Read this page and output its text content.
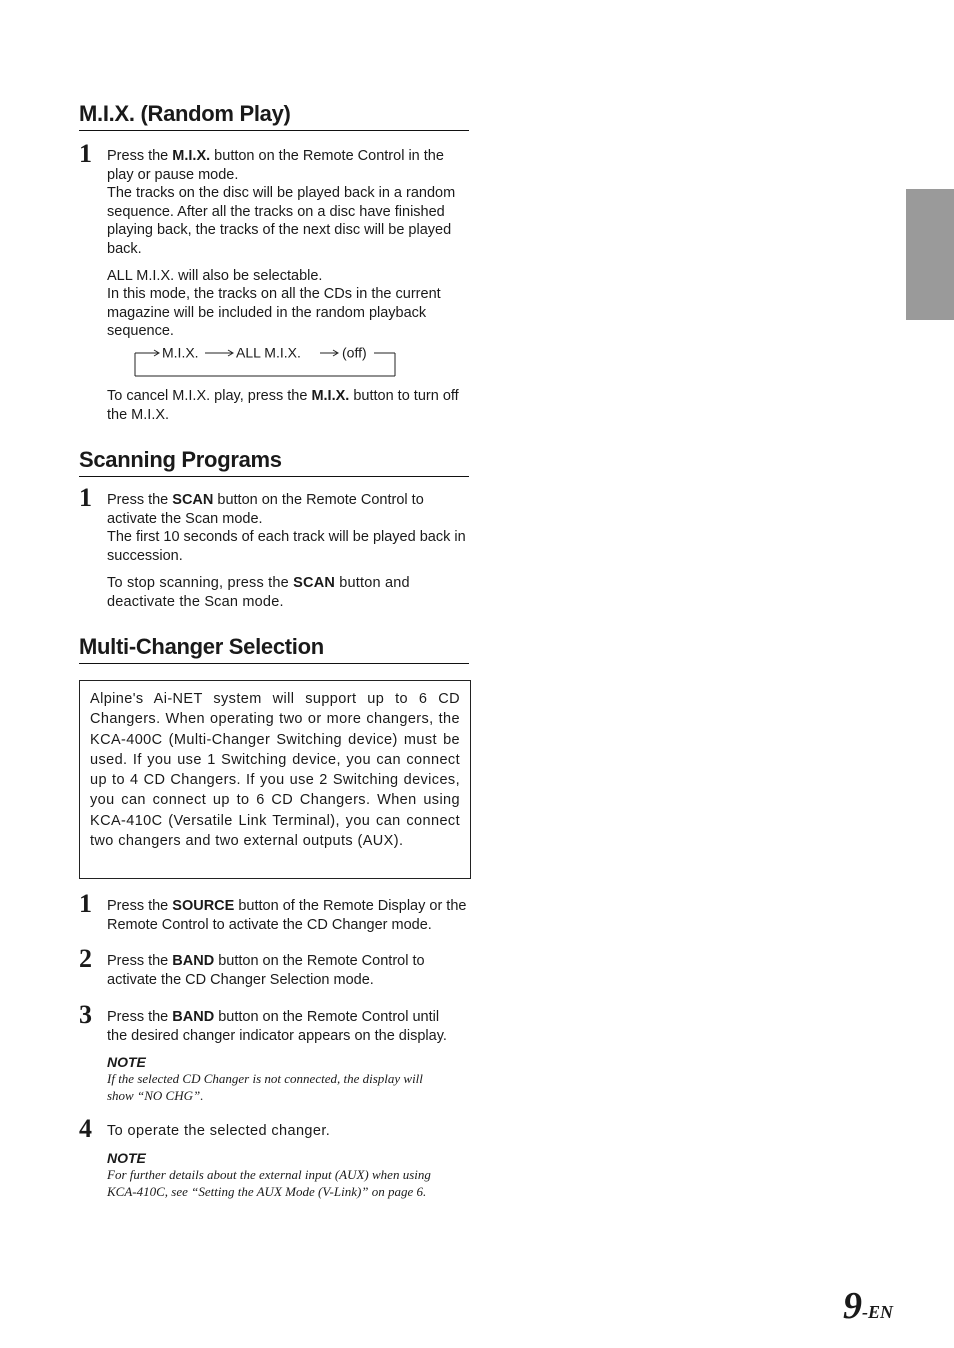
M.I.X. (Random Play)
1 Press the M.I.X. button on the Remote Control in the play or pause mode.
The tracks on the disc will be played back in a random sequence. After all the tracks on a disc have finished playing back, the tracks of the next disc will be played back.
ALL M.I.X. will also be selectable.
In this mode, the tracks on all the CDs in the current magazine will be included in the random playback sequence.
To cancel M.I.X. play, press the M.I.X. button to turn off the M.I.X.
M.I.X.	ALL M.I.X.	(off)
Scanning Programs
1 Press the SCAN button on the Remote Control to activate the Scan mode.
The first 10 seconds of each track will be played back in succession.
To stop scanning, press the SCAN button and deactivate the Scan mode.
Multi-Changer Selection

Alpine's Ai-NET system will support up to 6 CD Changers. When operating two or more changers, the KCA-400C (Multi-Changer Switching device) must be used. If you use 1 Switching device, you can connect up to 4 CD Changers. If you use 2 Switching devices, you can connect up to 6 CD Changers. When using KCA-410C (Versatile Link Terminal), you can connect two changers and two external outputs (AUX).

1 Press the SOURCE button of the Remote Display or the Remote Control to activate the CD Changer mode.
2 Press the BAND button on the Remote Control to activate the CD Changer Selection mode.
3 Press the BAND button on the Remote Control until the desired changer indicator appears on the display.
NOTE
If the selected CD Changer is not connected, the display will show “NO CHG”.
4 To operate the selected changer.
NOTE
For further details about the external input (AUX) when using KCA-410C, see “Setting the AUX Mode (V-Link)” on page 6.
9-EN
